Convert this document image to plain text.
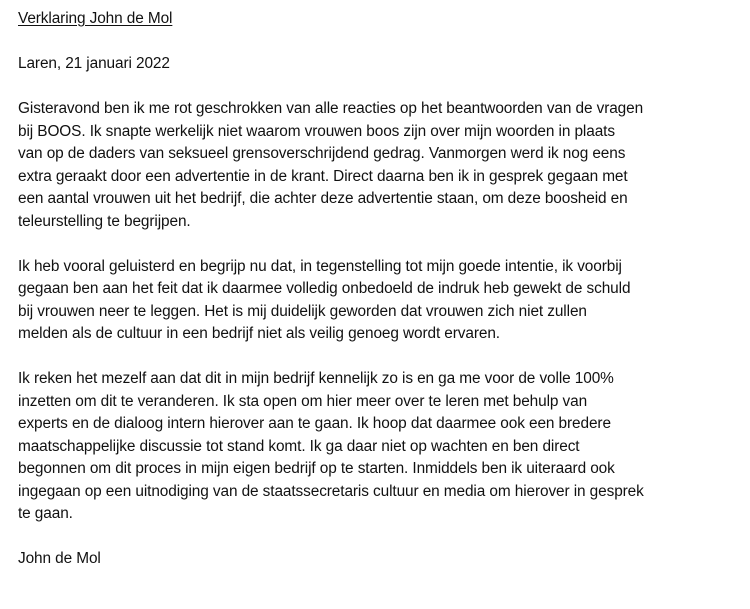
Verklaring John de Mol
Laren, 21 januari 2022
Gisteravond ben ik me rot geschrokken van alle reacties op het beantwoorden van de vragen
bij BOOS. Ik snapte werkelijk niet waarom vrouwen boos zijn over mijn woorden in plaats
van op de daders van seksueel grensoverschrijdend gedrag. Vanmorgen werd ik nog eens
extra geraakt door een advertentie in de krant. Direct daarna ben ik in gesprek gegaan met
een aantal vrouwen uit het bedrijf, die achter deze advertentie staan, om deze boosheid en
teleurstelling te begrijpen.
Ik heb vooral geluisterd en begrijp nu dat, in tegenstelling tot mijn goede intentie, ik voorbij
gegaan ben aan het feit dat ik daarmee volledig onbedoeld de indruk heb gewekt de schuld
bij vrouwen neer te leggen. Het is mij duidelijk geworden dat vrouwen zich niet zullen
melden als de cultuur in een bedrijf niet als veilig genoeg wordt ervaren.
Ik reken het mezelf aan dat dit in mijn bedrijf kennelijk zo is en ga me voor de volle 100%
inzetten om dit te veranderen. Ik sta open om hier meer over te leren met behulp van
experts en de dialoog intern hierover aan te gaan. Ik hoop dat daarmee ook een bredere
maatschappelijke discussie tot stand komt. Ik ga daar niet op wachten en ben direct
begonnen om dit proces in mijn eigen bedrijf op te starten. Inmiddels ben ik uiteraard ook
ingegaan op een uitnodiging van de staatssecretaris cultuur en media om hierover in gesprek
te gaan.
John de Mol
